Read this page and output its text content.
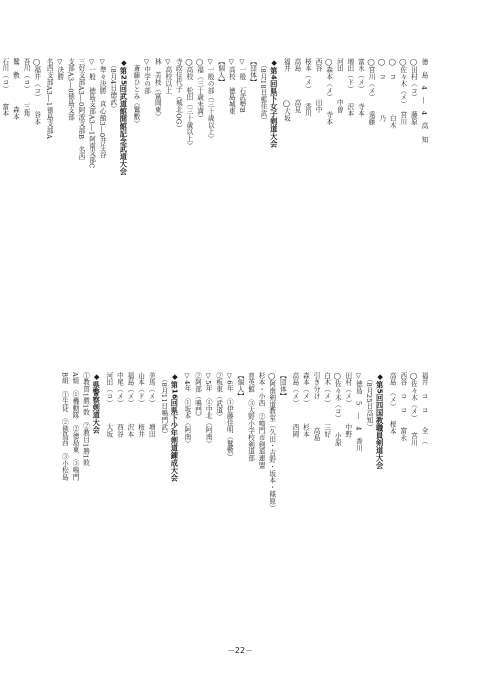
徳　島　4　―　4　高　知
◯田村（コ）　　藤原
◯佐々木（メ）　宮川
◯　コ　　　　　白木
◯　コ　　　　　乃
◯宮川（メ）　　遠藤
富永（メ）　　寺本
増田（ド）　　沢本
河田　　　　中曽
◯森本（メ）　　寺本
西谷　　　　田中
桜本（メ）　　香川
高島　　　　高見
福井　　　　◯大坂
◆第4回県下女子剣道大会
　（8月18日藍住武）
【団体】
▽一般　石武勢B
▽高校　徳島城東
【個人】
▽一般の部（三十歳以上）
◯福（三十歳未満）
◯高校　松田（三十歳以上）
寺政佳代子（城北OG）
▽高校以上
林　美枝（富岡東）
▽中学の部
　斎藤ひとみ（鷲敷）
◆第25回武道館開館記念武道大会
　（8月4日徳武）
▽準々決勝　真心館3―0井生谷
▽一般　徳島支部A3―1阿南支部C
三好支部A3―0阿波支部B　名西
支部A3―0徳島支部
▽決勝
名西支部A3―1徳島支部A
◯福井（コ）　　谷本
吾川（コ）　　三角
鷲　敷　　　　森本
石川（コ）　　富本
福井　コ　コ　　全　（
◯佐々木（メ）　　宮川
西谷　コ　コ　　富永
高島　（メ）　　桜本
◆第5回四国教職員剣道大会
　（8月25日高知）
▽徳島　5　―　4　香川
田村（メ）　　　中野
◯佐々木（コ）　　小原
白木（メ）　　　三好
引き分け　　　　高島
森本（メ）　　　杉本
高島（メ）　　　西岡
【団体】
◯阿南剣道教室（久田・吉野・坂本・篠原）
杉本・小西　②鳴門市剣道連盟
育英館　③大野小学校剣道部
【個人】
▽6年　①伊藤佳明（鷲敷）
②板東（武道）
▽5年　①中北（阿南）
②阿部（鳴門）
▽4年　①坂本（阿南）
◆第16回県下少年剣道錬成大会
　（8月11日鳴門武）
美馬（メ）　　　増田
山本（ド）　　　桜井
福島（メ）　　　沢本
中尾（メ）　　　西谷
河田（コ）　　　大坂
◆県警察剣道大会
①教習1勝1敗　②教目1勝1敗
A組　①機動隊　②徳島東　③鳴門
B組　①生徒　②徳島西　③小松島
－22－
